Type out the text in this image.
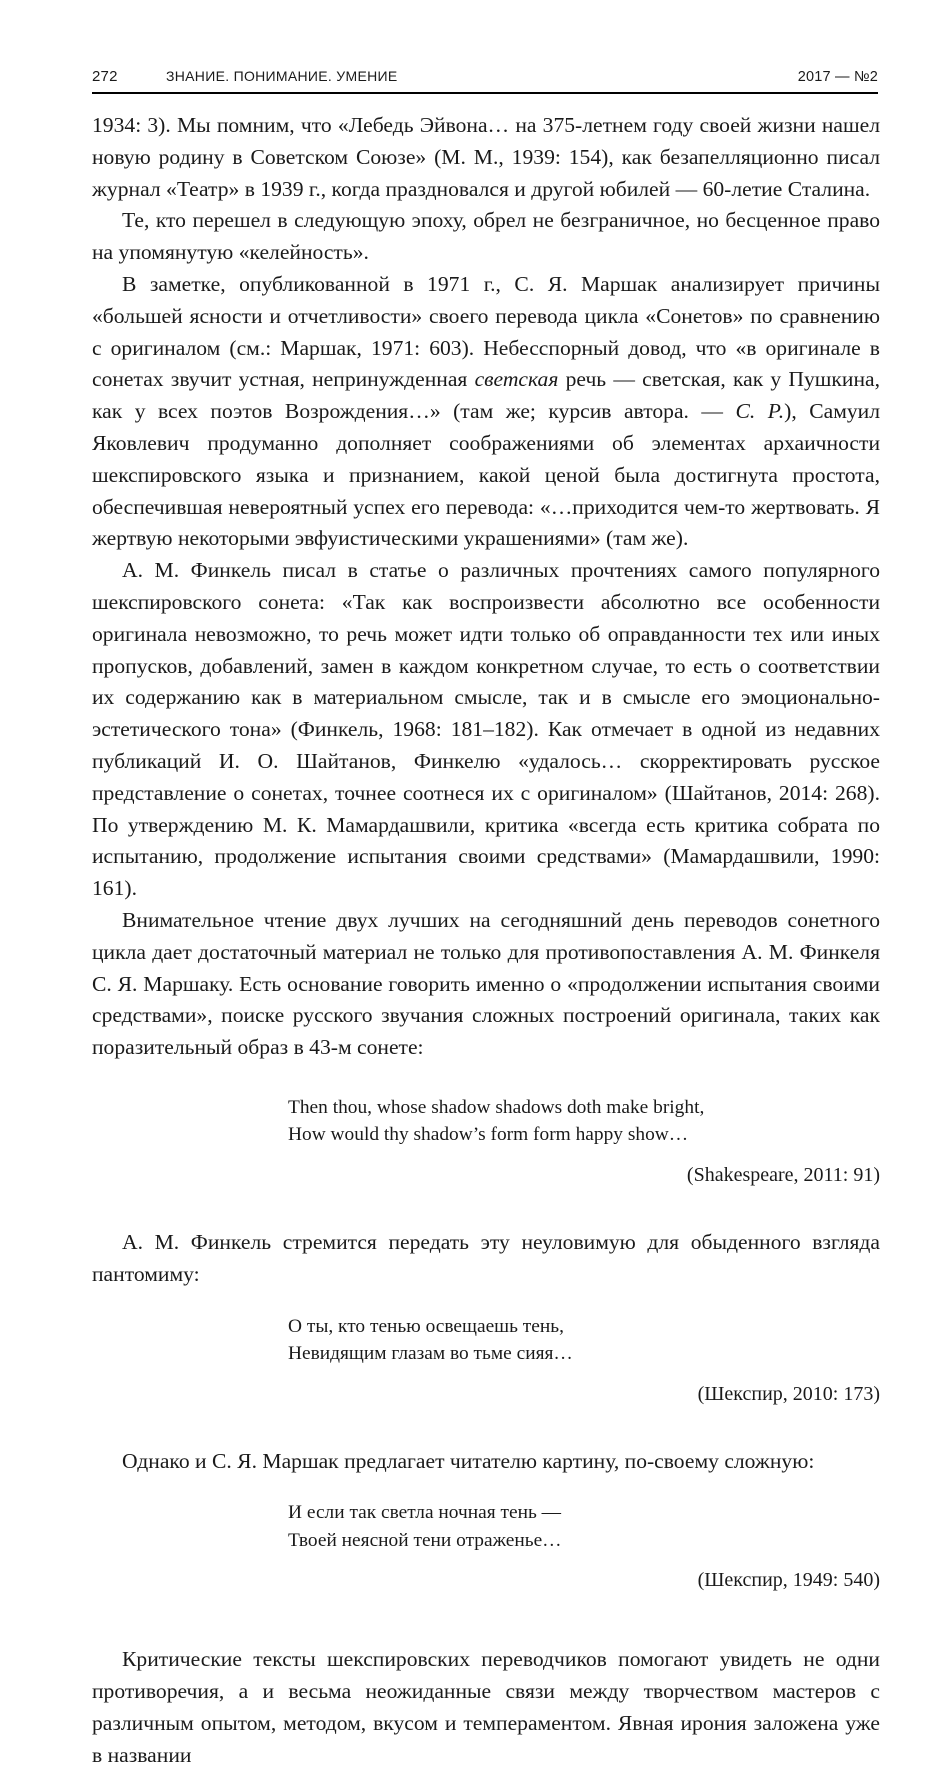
272	ЗНАНИЕ. ПОНИМАНИЕ. УМЕНИЕ	2017 — №2

1934: 3). Мы помним, что «Лебедь Эйвона… на 375-летнем году своей жизни нашел новую родину в Советском Союзе» (М. М., 1939: 154), как безапелляционно писал журнал «Театр» в 1939 г., когда праздновался и другой юбилей — 60-летие Сталина.

Те, кто перешел в следующую эпоху, обрел не безграничное, но бесценное право на упомянутую «келейность».

В заметке, опубликованной в 1971 г., С. Я. Маршак анализирует причины «большей ясности и отчетливости» своего перевода цикла «Сонетов» по сравнению с оригиналом (см.: Маршак, 1971: 603). Небесспорный довод, что «в оригинале в сонетах звучит устная, непринужденная светская речь — светская, как у Пушкина, как у всех поэтов Возрождения…» (там же; курсив автора. — С. Р.), Самуил Яковлевич продуманно дополняет соображениями об элементах архаичности шекспировского языка и признанием, какой ценой была достигнута простота, обеспечившая невероятный успех его перевода: «…приходится чем-то жертвовать. Я жертвую некоторыми эвфуистическими украшениями» (там же).

А. М. Финкель писал в статье о различных прочтениях самого популярного шекспировского сонета: «Так как воспроизвести абсолютно все особенности оригинала невозможно, то речь может идти только об оправданности тех или иных пропусков, добавлений, замен в каждом конкретном случае, то есть о соответствии их содержанию как в материальном смысле, так и в смысле его эмоционально-эстетического тона» (Финкель, 1968: 181–182). Как отмечает в одной из недавних публикаций И. О. Шайтанов, Финкелю «удалось… скорректировать русское представление о сонетах, точнее соотнеся их с оригиналом» (Шайтанов, 2014: 268). По утверждению М. К. Мамардашвили, критика «всегда есть критика собрата по испытанию, продолжение испытания своими средствами» (Мамардашвили, 1990: 161).

Внимательное чтение двух лучших на сегодняшний день переводов сонетного цикла дает достаточный материал не только для противопоставления А. М. Финкеля С. Я. Маршаку. Есть основание говорить именно о «продолжении испытания своими средствами», поиске русского звучания сложных построений оригинала, таких как поразительный образ в 43-м сонете:

Then thou, whose shadow shadows doth make bright,
How would thy shadow’s form form happy show…

(Shakespeare, 2011: 91)

А. М. Финкель стремится передать эту неуловимую для обыденного взгляда пантомиму:

О ты, кто тенью освещаешь тень,
Невидящим глазам во тьме сияя…

(Шекспир, 2010: 173)

Однако и С. Я. Маршак предлагает читателю картину, по-своему сложную:

И если так светла ночная тень —
Твоей неясной тени отраженье…

(Шекспир, 1949: 540)

Критические тексты шекспировских переводчиков помогают увидеть не одни противоречия, а и весьма неожиданные связи между творчеством мастеров с различным опытом, методом, вкусом и темпераментом. Явная ирония заложена уже в названии
